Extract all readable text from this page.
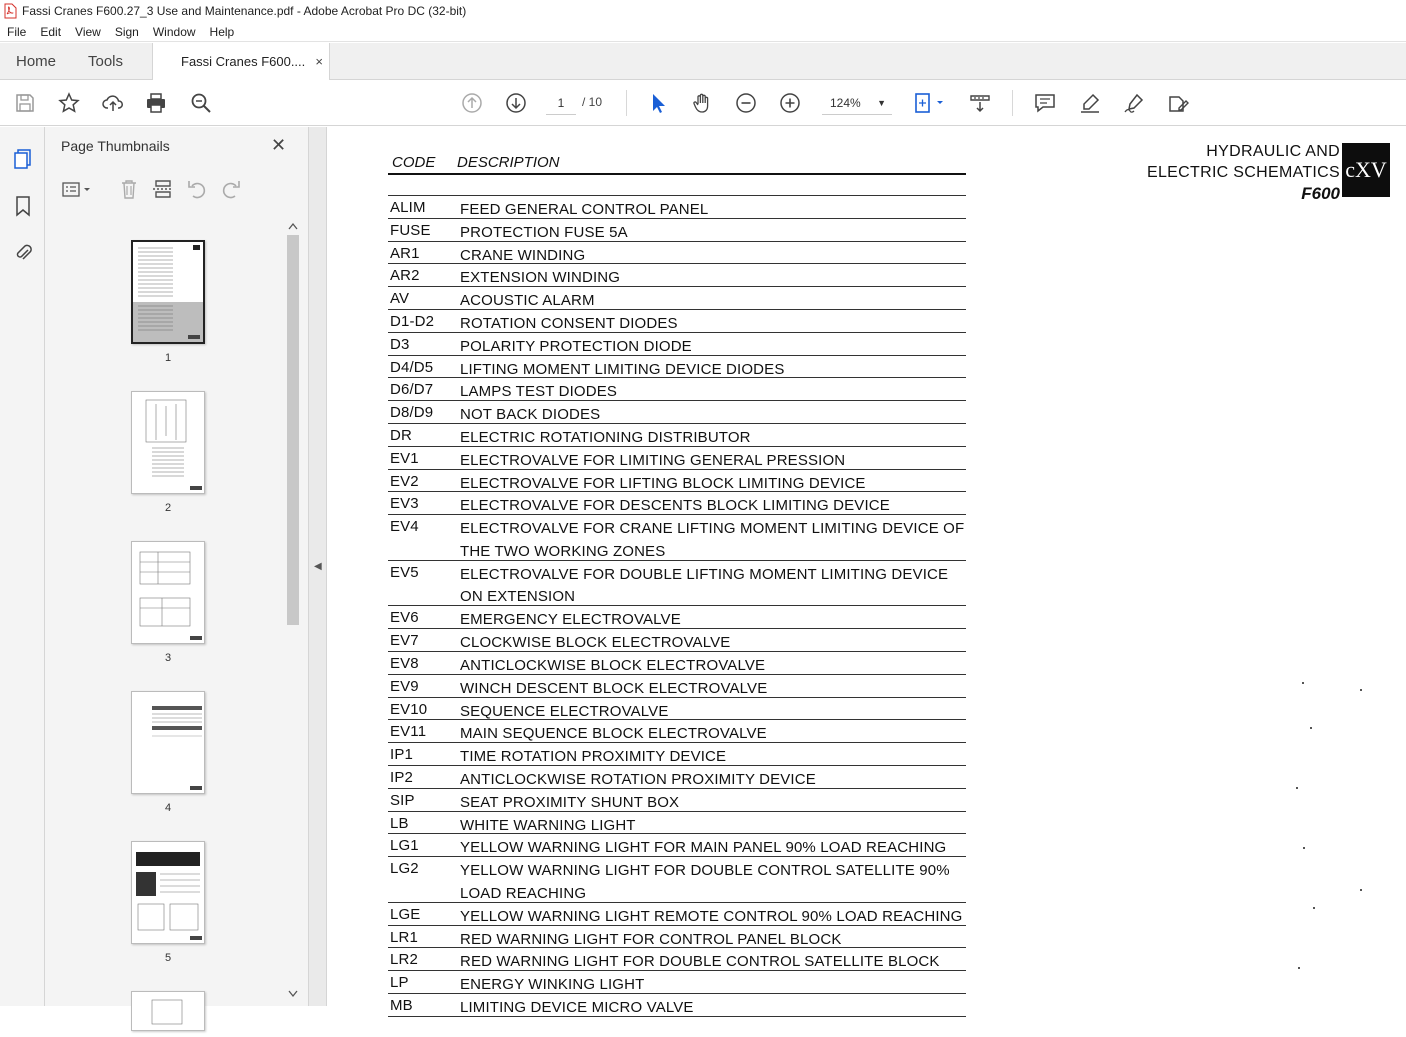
Fassi Cranes F600.27_3 Use and Maintenance.pdf - Adobe Acrobat Pro DC (32-bit)
File	Edit	View	Sign	Window	Help
Home Tools	Fassi Cranes F600.... ×
1
/ 10	124% ▼
Page Thumbnails	✕
1
2
3
4
5
◀
HYDRAULIC AND
ELECTRIC SCHEMATICS
F600
cXV
CODE DESCRIPTION
ALIM FEED GENERAL CONTROL PANEL
FUSE PROTECTION FUSE 5A
AR1	CRANE WINDING
AR2	EXTENSION WINDING
AV	ACOUSTIC ALARM
D1-D2 ROTATION CONSENT DIODES
D3	POLARITY PROTECTION DIODE
D4/D5 LIFTING MOMENT LIMITING DEVICE DIODES
D6/D7 LAMPS TEST DIODES
D8/D9 NOT BACK DIODES
DR	ELECTRIC ROTATIONING DISTRIBUTOR
EV1	ELECTROVALVE FOR LIMITING GENERAL PRESSION
EV2	ELECTROVALVE FOR LIFTING BLOCK LIMITING DEVICE
EV3	ELECTROVALVE FOR DESCENTS BLOCK LIMITING DEVICE
EV4	ELECTROVALVE FOR CRANE LIFTING MOMENT LIMITING DEVICE OF
THE TWO WORKING ZONES
EV5	ELECTROVALVE FOR DOUBLE LIFTING MOMENT LIMITING DEVICE
ON EXTENSION
EV6	EMERGENCY ELECTROVALVE
EV7	CLOCKWISE BLOCK ELECTROVALVE
EV8	ANTICLOCKWISE BLOCK ELECTROVALVE
EV9	WINCH DESCENT BLOCK ELECTROVALVE
EV10 SEQUENCE ELECTROVALVE
EV11 MAIN SEQUENCE BLOCK ELECTROVALVE
IP1	TIME ROTATION PROXIMITY DEVICE
IP2	ANTICLOCKWISE ROTATION PROXIMITY DEVICE
SIP	SEAT PROXIMITY SHUNT BOX
LB	WHITE WARNING LIGHT
LG1	YELLOW WARNING LIGHT FOR MAIN PANEL 90% LOAD REACHING
LG2	YELLOW WARNING LIGHT FOR DOUBLE CONTROL SATELLITE 90%
LOAD REACHING
LGE	YELLOW WARNING LIGHT REMOTE CONTROL 90% LOAD REACHING
LR1	RED WARNING LIGHT FOR CONTROL PANEL BLOCK
LR2	RED WARNING LIGHT FOR DOUBLE CONTROL SATELLITE BLOCK
LP	ENERGY WINKING LIGHT
MB	LIMITING DEVICE MICRO VALVE
